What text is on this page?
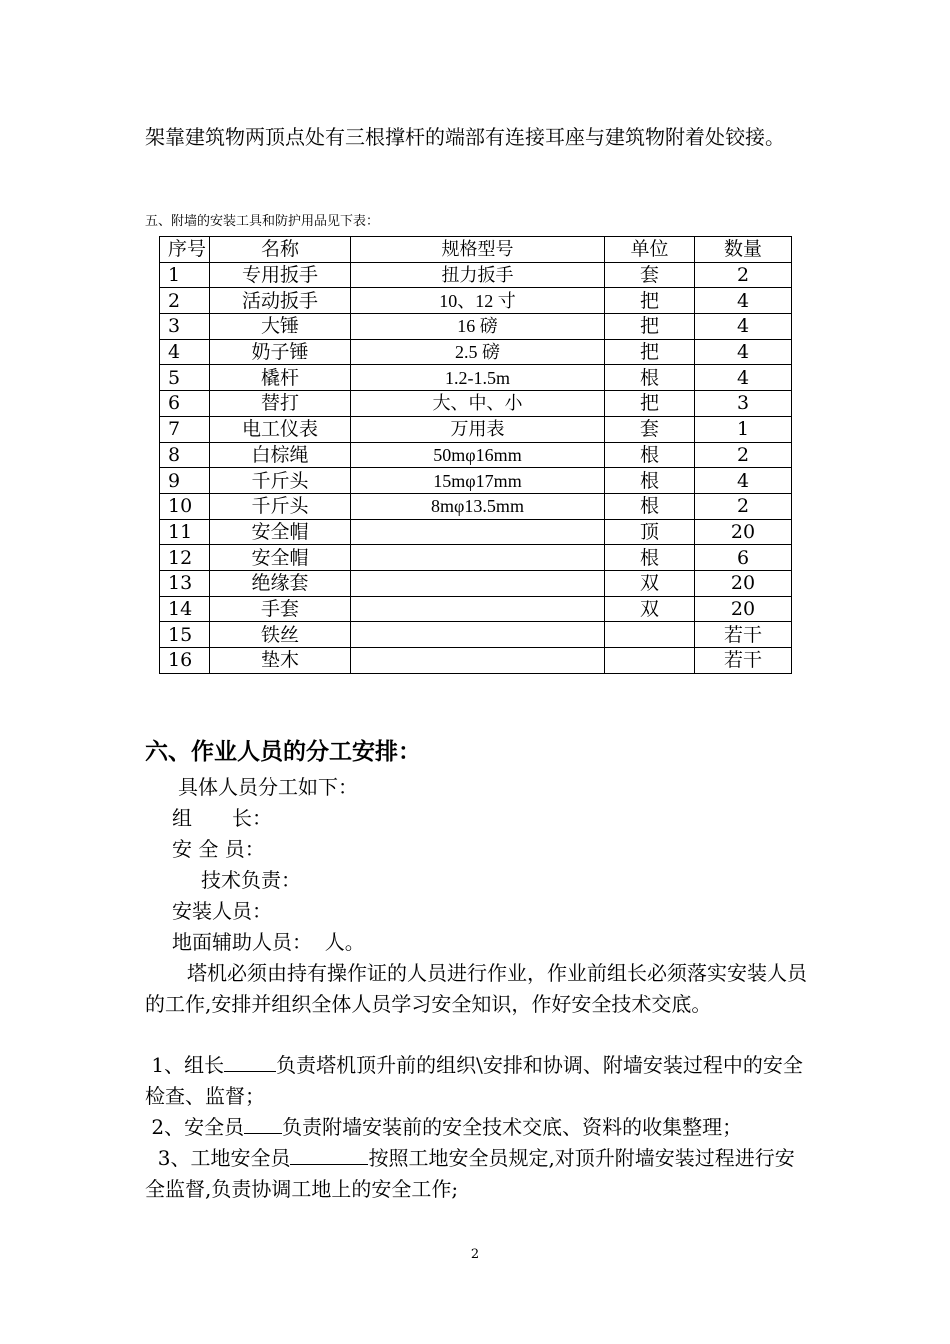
架靠建筑物两顶点处有三根撑杆的端部有连接耳座与建筑物附着处铰接。

五、附墙的安装工具和防护用品见下表：
序号	名称	规格型号	单位	数量
1	专用扳手	扭力扳手	套	2
2	活动扳手	10、12 寸	把	4
3	大锤	16 磅	把	4
4	奶子锤	2.5 磅	把	4
5	橇杆	1.2-1.5m	根	4
6	替打	大、中、小	把	3
7	电工仪表	万用表	套	1
8	白棕绳	50mφ16mm	根	2
9	千斤头	15mφ17mm	根	4
10	千斤头	8mφ13.5mm	根	2
11	安全帽		顶	20
12	安全帽		根	6
13	绝缘套		双	20
14	手套		双	20
15	铁丝			若干
16	垫木			若干
六、作业人员的分工安排：
具体人员分工如下：
组　　长：
安 全 员：
技术负责：
安装人员：
地面辅助人员：  人。

塔机必须由持有操作证的人员进行作业，作业前组长必须落实安装人员的工作,安排并组织全体人员学习安全知识，作好安全技术交底。

1、组长	负责塔机顶升前的组织\安排和协调、附墙安装过程中的安全检查、监督；

2、安全员 负责附墙安装前的安全技术交底、资料的收集整理；

3、工地安全员	按照工地安全员规定,对顶升附墙安装过程进行安全监督,负责协调工地上的安全工作;

2
